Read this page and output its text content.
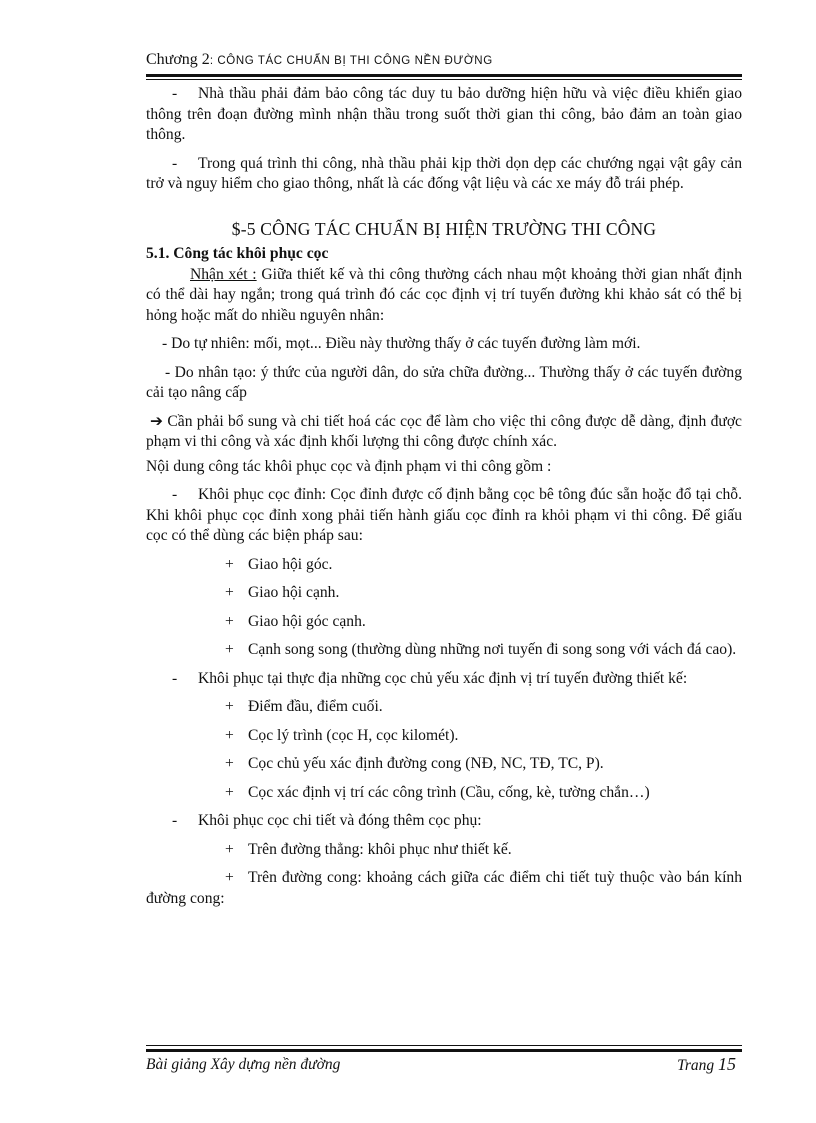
Chương 2: CÔNG TÁC CHUẨN BỊ THI CÔNG NỀN ĐƯỜNG

- Nhà thầu phải đảm bảo công tác duy tu bảo dưỡng hiện hữu và việc điều khiển giao thông trên đoạn đường mình nhận thầu trong suốt thời gian thi công, bảo đảm an toàn giao thông.

- Trong quá trình thi công, nhà thầu phải kịp thời dọn dẹp các chướng ngại vật gây cản trở và nguy hiểm cho giao thông, nhất là các đống vật liệu và các xe máy đỗ trái phép.

$-5 CÔNG TÁC CHUẨN BỊ HIỆN TRƯỜNG THI CÔNG

5.1. Công tác khôi phục cọc

Nhận xét : Giữa thiết kế và thi công thường cách nhau một khoảng thời gian nhất định có thể dài hay ngắn; trong quá trình đó các cọc định vị trí tuyến đường khi khảo sát có thể bị hỏng hoặc mất do nhiều nguyên nhân:

- Do tự nhiên: mối, mọt... Điều này thường thấy ở các tuyến đường làm mới.

- Do nhân tạo: ý thức của người dân, do sửa chữa đường... Thường thấy ở các tuyến đường cải tạo nâng cấp

➔ Cần phải bổ sung và chi tiết hoá các cọc để làm cho việc thi công được dễ dàng, định được phạm vi thi công và xác định khối lượng thi công được chính xác.

Nội dung công tác khôi phục cọc và định phạm vi thi công gồm :

- Khôi phục cọc đỉnh: Cọc đỉnh được cố định bằng cọc bê tông đúc sẵn hoặc đổ tại chỗ. Khi khôi phục cọc đỉnh xong phải tiến hành giấu cọc đỉnh ra khỏi phạm vi thi công. Để giấu cọc có thể dùng các biện pháp sau:

+ Giao hội góc.

+ Giao hội cạnh.

+ Giao hội góc cạnh.

+ Cạnh song song (thường dùng những nơi tuyến đi song song với vách đá cao).

- Khôi phục tại thực địa những cọc chủ yếu xác định vị trí tuyến đường thiết kế:

+ Điểm đầu, điểm cuối.

+ Cọc lý trình (cọc H, cọc kilomét).

+ Cọc chủ yếu xác định đường cong (NĐ, NC, TĐ, TC, P).

+ Cọc xác định vị trí các công trình (Cầu, cống, kè, tường chắn…)

- Khôi phục cọc chi tiết và đóng thêm cọc phụ:

+ Trên đường thẳng: khôi phục như thiết kế.

+ Trên đường cong: khoảng cách giữa các điểm chi tiết tuỳ thuộc vào bán kính đường cong:

Bài giảng Xây dựng nền đường	Trang 15
